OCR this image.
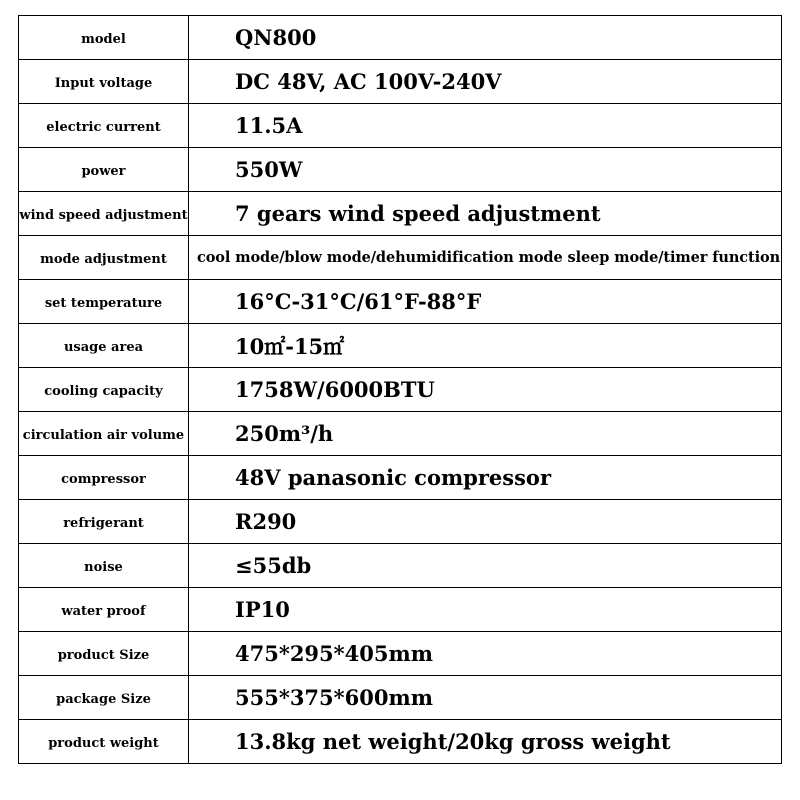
model	QN800
Input voltage	DC 48V, AC 100V-240V
electric current	11.5A
power	550W
wind speed adjustment	7 gears wind speed adjustment
mode adjustment	cool mode/blow mode/dehumidification mode sleep mode/timer function
set temperature	16°C-31°C/61°F-88°F
usage area	10㎡-15㎡
cooling capacity	1758W/6000BTU
circulation air volume	250m³/h
compressor	48V panasonic compressor
refrigerant	R290
noise	≤55db
water proof	IP10
product Size	475*295*405mm
package Size	555*375*600mm
product weight	13.8kg net weight/20kg gross weight
